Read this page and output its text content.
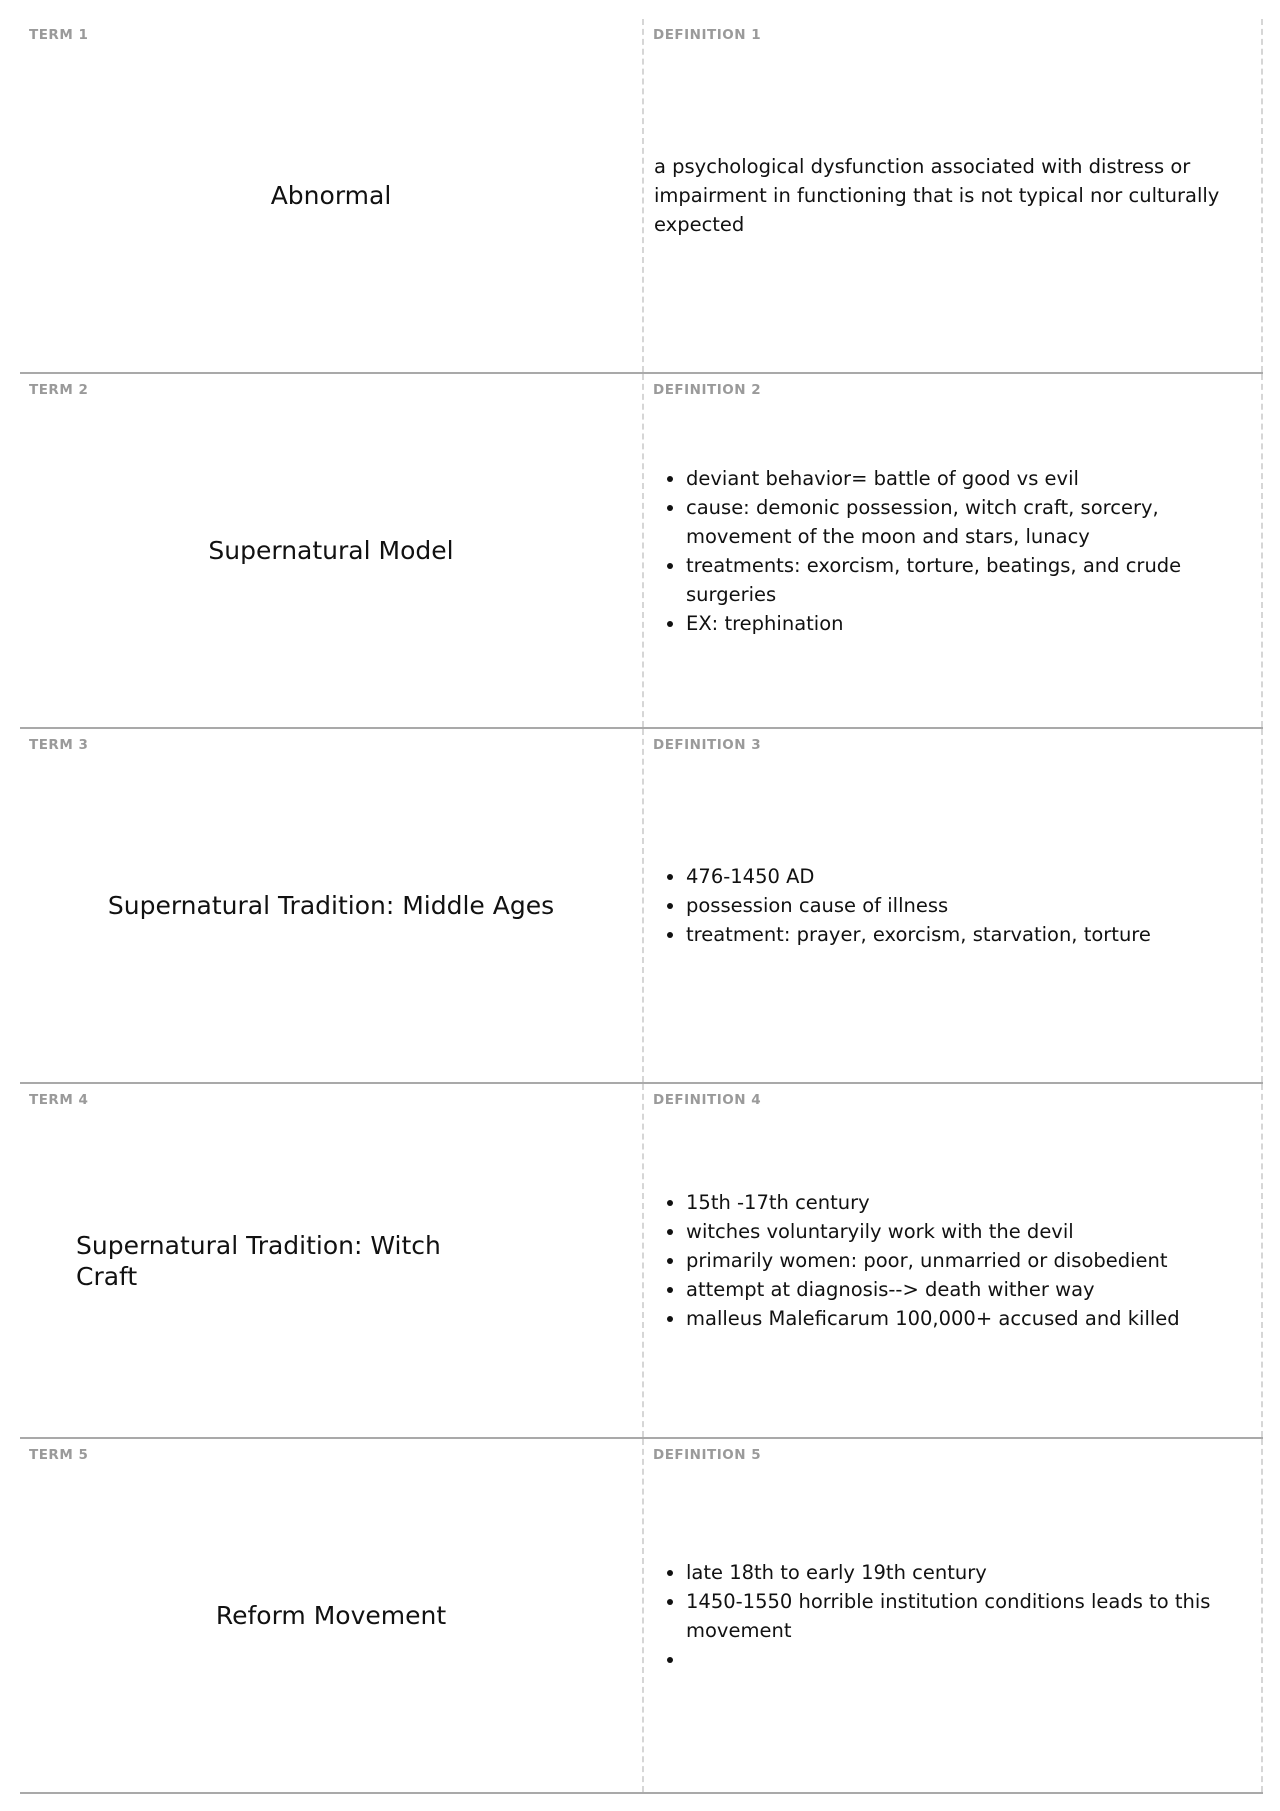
TERM 1
Abnormal
DEFINITION 1
a psychological dysfunction associated with distress or impairment in functioning that is not typical nor culturally expected
TERM 2
Supernatural Model
DEFINITION 2
• deviant behavior= battle of good vs evil
• cause: demonic possession, witch craft, sorcery, movement of the moon and stars, lunacy
• treatments: exorcism, torture, beatings, and crude surgeries
• EX: trephination
TERM 3
Supernatural Tradition: Middle Ages
DEFINITION 3
• 476-1450 AD
• possession cause of illness
• treatment: prayer, exorcism, starvation, torture
TERM 4
Supernatural Tradition: Witch Craft
DEFINITION 4
• 15th -17th century
• witches voluntaryily work with the devil
• primarily women: poor, unmarried or disobedient
• attempt at diagnosis--> death wither way
• malleus Maleficarum 100,000+ accused and killed
TERM 5
Reform Movement
DEFINITION 5
• late 18th to early 19th century
• 1450-1550 horrible institution conditions leads to this movement
•
